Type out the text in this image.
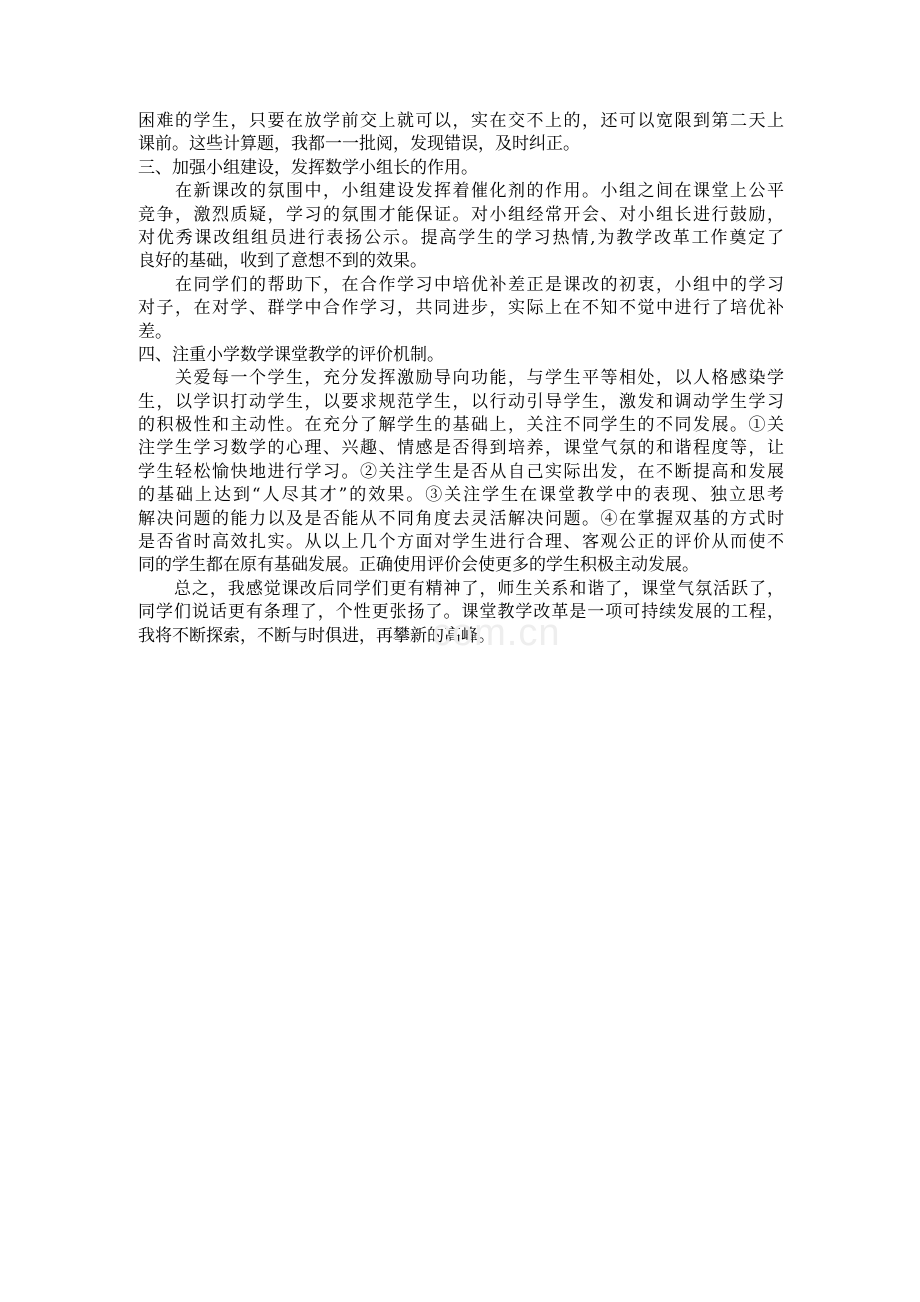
困难的学生，只要在放学前交上就可以，实在交不上的，还可以宽限到第二天上
课前。这些计算题，我都一一批阅，发现错误，及时纠正。
三、加强小组建设，发挥数学小组长的作用。
　　在新课改的氛围中，小组建设发挥着催化剂的作用。小组之间在课堂上公平
竞争，激烈质疑，学习的氛围才能保证。对小组经常开会、对小组长进行鼓励，
对优秀课改组组员进行表扬公示。提高学生的学习热情,为教学改革工作奠定了
良好的基础，收到了意想不到的效果。
　　在同学们的帮助下，在合作学习中培优补差正是课改的初衷，小组中的学习
对子，在对学、群学中合作学习，共同进步，实际上在不知不觉中进行了培优补
差。
四、注重小学数学课堂教学的评价机制。
　　关爱每一个学生，充分发挥激励导向功能，与学生平等相处，以人格感染学
生，以学识打动学生，以要求规范学生，以行动引导学生，激发和调动学生学习
的积极性和主动性。在充分了解学生的基础上，关注不同学生的不同发展。①关
注学生学习数学的心理、兴趣、情感是否得到培养，课堂气氛的和谐程度等，让
学生轻松愉快地进行学习。②关注学生是否从自己实际出发，在不断提高和发展
的基础上达到“人尽其才”的效果。③关注学生在课堂教学中的表现、独立思考
解决问题的能力以及是否能从不同角度去灵活解决问题。④在掌握双基的方式时
是否省时高效扎实。从以上几个方面对学生进行合理、客观公正的评价从而使不
同的学生都在原有基础发展。正确使用评价会使更多的学生积极主动发展。
　　总之，我感觉课改后同学们更有精神了，师生关系和谐了，课堂气氛活跃了，
同学们说话更有条理了，个性更张扬了。课堂教学改革是一项可持续发展的工程，
我将不断探索，不断与时俱进，再攀新的高峰。
com.cn
